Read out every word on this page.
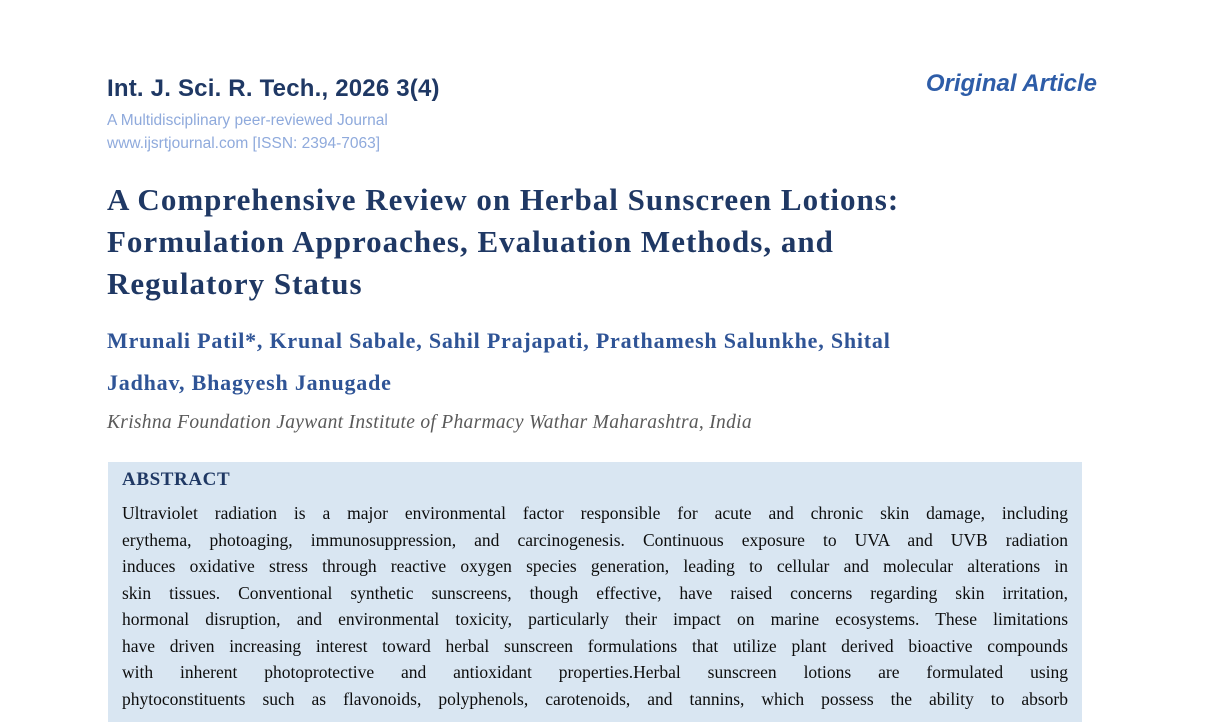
Int. J. Sci. R. Tech., 2026 3(4)
A Multidisciplinary peer-reviewed Journal
www.ijsrtjournal.com [ISSN: 2394-7063]
Original Article
A Comprehensive Review on Herbal Sunscreen Lotions:
Formulation Approaches, Evaluation Methods, and
Regulatory Status
Mrunali Patil*, Krunal Sabale, Sahil Prajapati, Prathamesh Salunkhe, Shital
Jadhav, Bhagyesh Janugade
Krishna Foundation Jaywant Institute of Pharmacy Wathar Maharashtra, India
ABSTRACT
Ultraviolet radiation is a major environmental factor responsible for acute and chronic skin damage, including
erythema, photoaging, immunosuppression, and carcinogenesis. Continuous exposure to UVA and UVB radiation
induces oxidative stress through reactive oxygen species generation, leading to cellular and molecular alterations in
skin tissues. Conventional synthetic sunscreens, though effective, have raised concerns regarding skin irritation,
hormonal disruption, and environmental toxicity, particularly their impact on marine ecosystems. These limitations
have driven increasing interest toward herbal sunscreen formulations that utilize plant derived bioactive compounds
with inherent photoprotective and antioxidant properties.Herbal sunscreen lotions are formulated using
phytoconstituents such as flavonoids, polyphenols, carotenoids, and tannins, which possess the ability to absorb
